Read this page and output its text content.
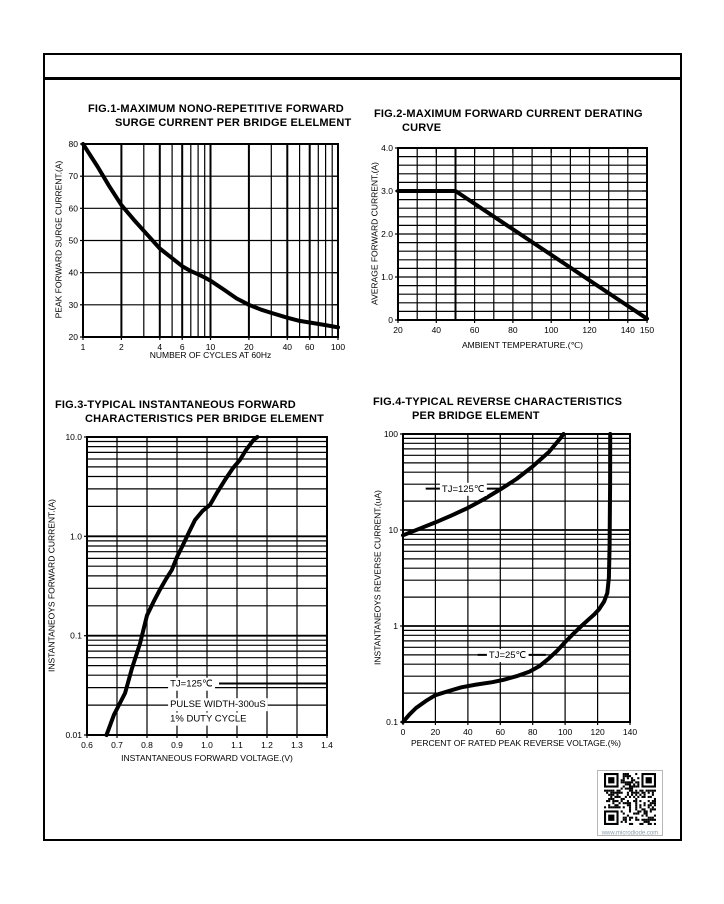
1	2	4 6 10	20	40 60 100
20
30
40
50
60
70
80
20	40	60	80	100	120	140 150
0
1.0
2.0
3.0
4.0
0.6 0.7 0.8 0.9 1.0 1.1 1.2 1.3 1.4
0.01
0.1
1.0
10.0
TJ=125℃
PULSE WIDTH-300uS
1% DUTY CYCLE
0	20	40	60	80 100 120 140
0.1
1
10
100
TJ=125℃
TJ=25℃
FIG.1-MAXIMUM NONO-REPETITIVE FORWARD
SURGE CURRENT PER BRIDGE ELELMENT
NUMBER OF CYCLES AT 60Hz
PEAK FORWARD SURGE CURRENT.(A)
FIG.2-MAXIMUM FORWARD CURRENT DERATING
CURVE
AMBIENT TEMPERATURE.(℃)
AVERAGE FORWARD CURRENT.(A)
FIG.3-TYPICAL INSTANTANEOUS FORWARD
CHARACTERISTICS PER BRIDGE ELEMENT
INSTANTANEOUS FORWARD VOLTAGE.(V)
INSTANTANEOYS FORWARD CURRENT.(A)
FIG.4-TYPICAL REVERSE CHARACTERISTICS
PER BRIDGE ELEMENT
PERCENT OF RATED PEAK REVERSE VOLTAGE.(%)
INSTANTANEOYS REVERSE CURRENT.(uA)
www.microdiode.com
